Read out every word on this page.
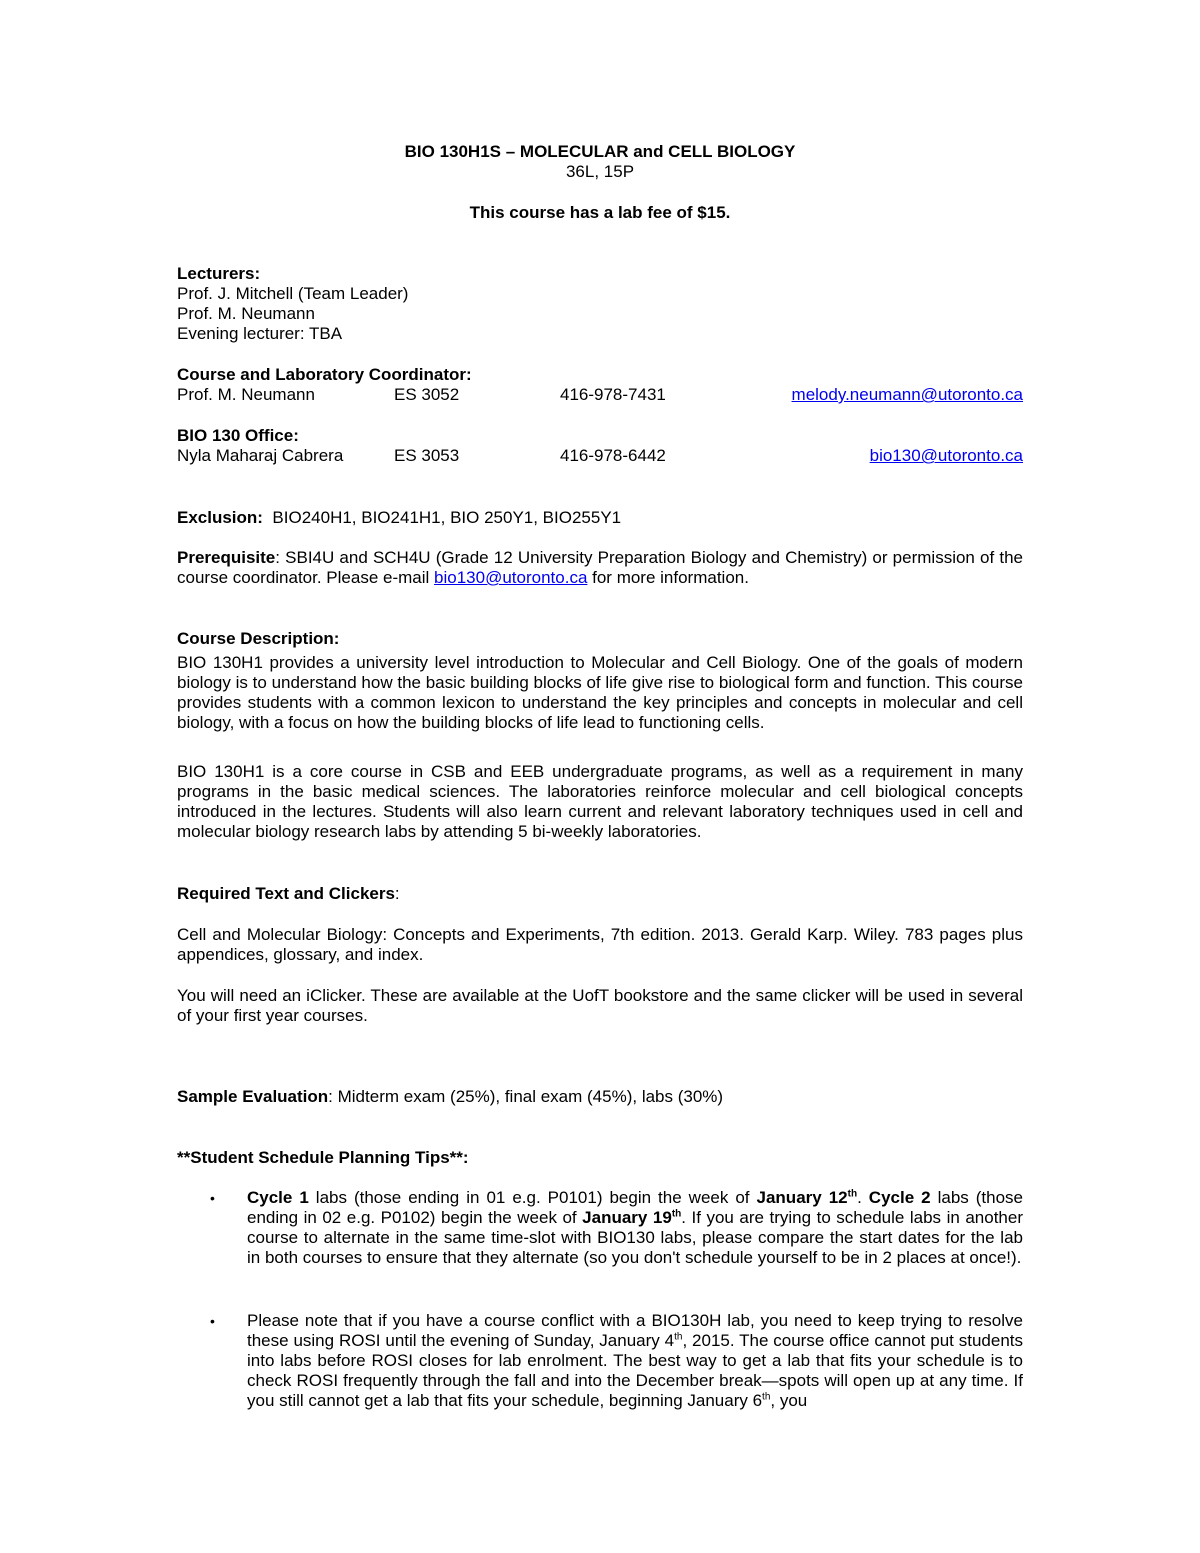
BIO 130H1S – MOLECULAR and CELL BIOLOGY
36L, 15P
This course has a lab fee of $15.
Lecturers:
Prof. J. Mitchell (Team Leader)
Prof. M. Neumann
Evening lecturer: TBA
Course and Laboratory Coordinator:
Prof. M. Neumann	ES 3052	416-978-7431	melody.neumann@utoronto.ca
BIO 130 Office:
Nyla Maharaj Cabrera	ES 3053	416-978-6442	bio130@utoronto.ca
Exclusion: BIO240H1, BIO241H1, BIO 250Y1, BIO255Y1
Prerequisite: SBI4U and SCH4U (Grade 12 University Preparation Biology and Chemistry) or permission of the course coordinator. Please e-mail bio130@utoronto.ca for more information.
Course Description:
BIO 130H1 provides a university level introduction to Molecular and Cell Biology. One of the goals of modern biology is to understand how the basic building blocks of life give rise to biological form and function. This course provides students with a common lexicon to understand the key principles and concepts in molecular and cell biology, with a focus on how the building blocks of life lead to functioning cells.
BIO 130H1 is a core course in CSB and EEB undergraduate programs, as well as a requirement in many programs in the basic medical sciences. The laboratories reinforce molecular and cell biological concepts introduced in the lectures. Students will also learn current and relevant laboratory techniques used in cell and molecular biology research labs by attending 5 bi-weekly laboratories.
Required Text and Clickers:
Cell and Molecular Biology: Concepts and Experiments, 7th edition. 2013. Gerald Karp. Wiley. 783 pages plus appendices, glossary, and index.
You will need an iClicker. These are available at the UofT bookstore and the same clicker will be used in several of your first year courses.
Sample Evaluation: Midterm exam (25%), final exam (45%), labs (30%)
**Student Schedule Planning Tips**:
• Cycle 1 labs (those ending in 01 e.g. P0101) begin the week of January 12th. Cycle 2 labs (those ending in 02 e.g. P0102) begin the week of January 19th. If you are trying to schedule labs in another course to alternate in the same time-slot with BIO130 labs, please compare the start dates for the lab in both courses to ensure that they alternate (so you don't schedule yourself to be in 2 places at once!).
• Please note that if you have a course conflict with a BIO130H lab, you need to keep trying to resolve these using ROSI until the evening of Sunday, January 4th, 2015. The course office cannot put students into labs before ROSI closes for lab enrolment. The best way to get a lab that fits your schedule is to check ROSI frequently through the fall and into the December break—spots will open up at any time. If you still cannot get a lab that fits your schedule, beginning January 6th, you
